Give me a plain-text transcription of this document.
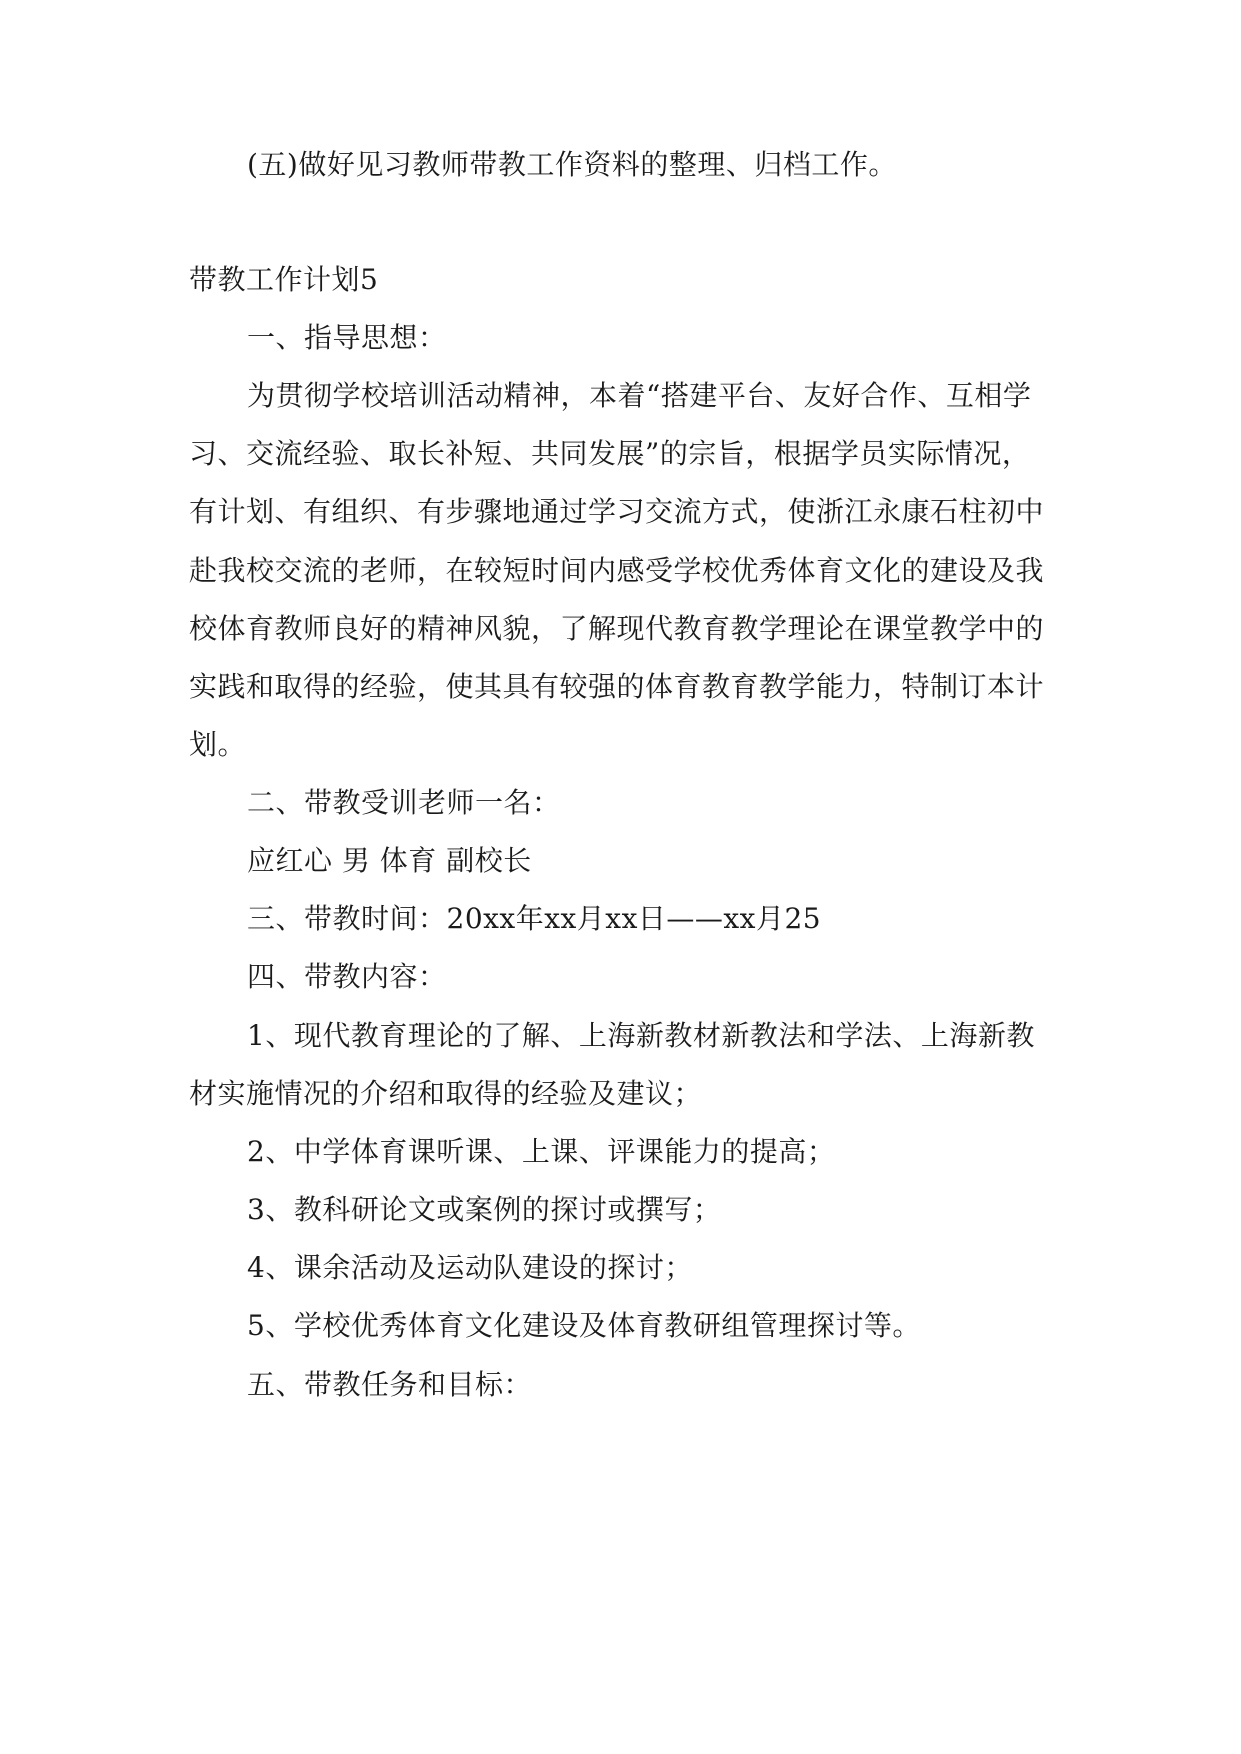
(五)做好见习教师带教工作资料的整理、归档工作。
带教工作计划5
一、指导思想：
为贯彻学校培训活动精神，本着“搭建平台、友好合作、互相学
习、交流经验、取长补短、共同发展”的宗旨，根据学员实际情况，
有计划、有组织、有步骤地通过学习交流方式，使浙江永康石柱初中
赴我校交流的老师，在较短时间内感受学校优秀体育文化的建设及我
校体育教师良好的精神风貌，了解现代教育教学理论在课堂教学中的
实践和取得的经验，使其具有较强的体育教育教学能力，特制订本计
划。
二、带教受训老师一名：
应红心 男 体育 副校长
三、带教时间：20xx年xx月xx日——xx月25
四、带教内容：
1、现代教育理论的了解、上海新教材新教法和学法、上海新教
材实施情况的介绍和取得的经验及建议；
2、中学体育课听课、上课、评课能力的提高；
3、教科研论文或案例的探讨或撰写；
4、课余活动及运动队建设的探讨；
5、学校优秀体育文化建设及体育教研组管理探讨等。
五、带教任务和目标：
